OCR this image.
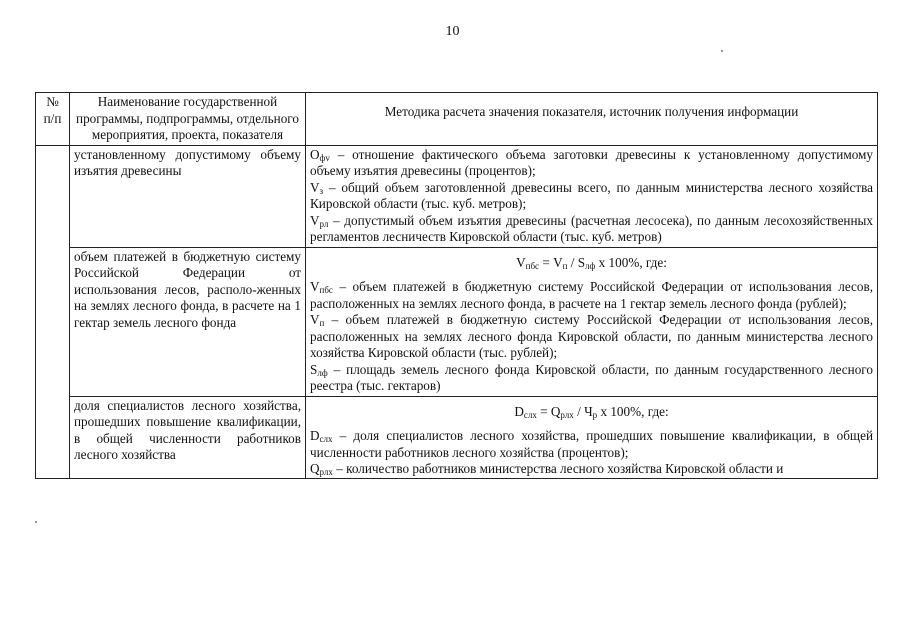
10
№ п/п	Наименование государственной программы, подпрограммы, отдельного мероприятия, проекта, показателя	Методика расчета значения показателя, источник получения информации
	установленному допустимому объему изъятия древесины	$O_{фv}$ – отношение фактического объема заготовки древесины к установленному допустимому объему изъятия древесины (процентов);

$V_з$ – общий объем заготовленной древесины всего, по данным министерства лесного хозяйства Кировской области (тыс. куб. метров);

$V_{рл}$ – допустимый объем изъятия древесины (расчетная лесосека), по данным лесохозяйственных регламентов лесничеств Кировской области (тыс. куб. метров)

	объем платежей в бюджетную систему Российской Федерации от использования лесов, располо-женных на землях лесного фонда, в расчете на 1 гектар земель лесного фонда	$V_{пбс} = V_п / S_{лф}$ x 100%, где:

$V_{пбс}$ – объем платежей в бюджетную систему Российской Федерации от использования лесов, расположенных на землях лесного фонда, в расчете на 1 гектар земель лесного фонда (рублей);

$V_п$ – объем платежей в бюджетную систему Российской Федерации от использования лесов, расположенных на землях лесного фонда Кировской области, по данным министерства лесного хозяйства Кировской области (тыс. рублей);

$S_{лф}$ – площадь земель лесного фонда Кировской области, по данным государственного лесного реестра (тыс. гектаров)

	доля специалистов лесного хозяйства, прошедших повышение квалификации, в общей численности работников лесного хозяйства	$D_{слх} = Q_{рлх} / Ч_р$ x 100%, где:

$D_{слх}$ – доля специалистов лесного хозяйства, прошедших повышение квалификации, в общей численности работников лесного хозяйства (процентов);

$Q_{рлх}$ – количество работников министерства лесного хозяйства Кировской области и
